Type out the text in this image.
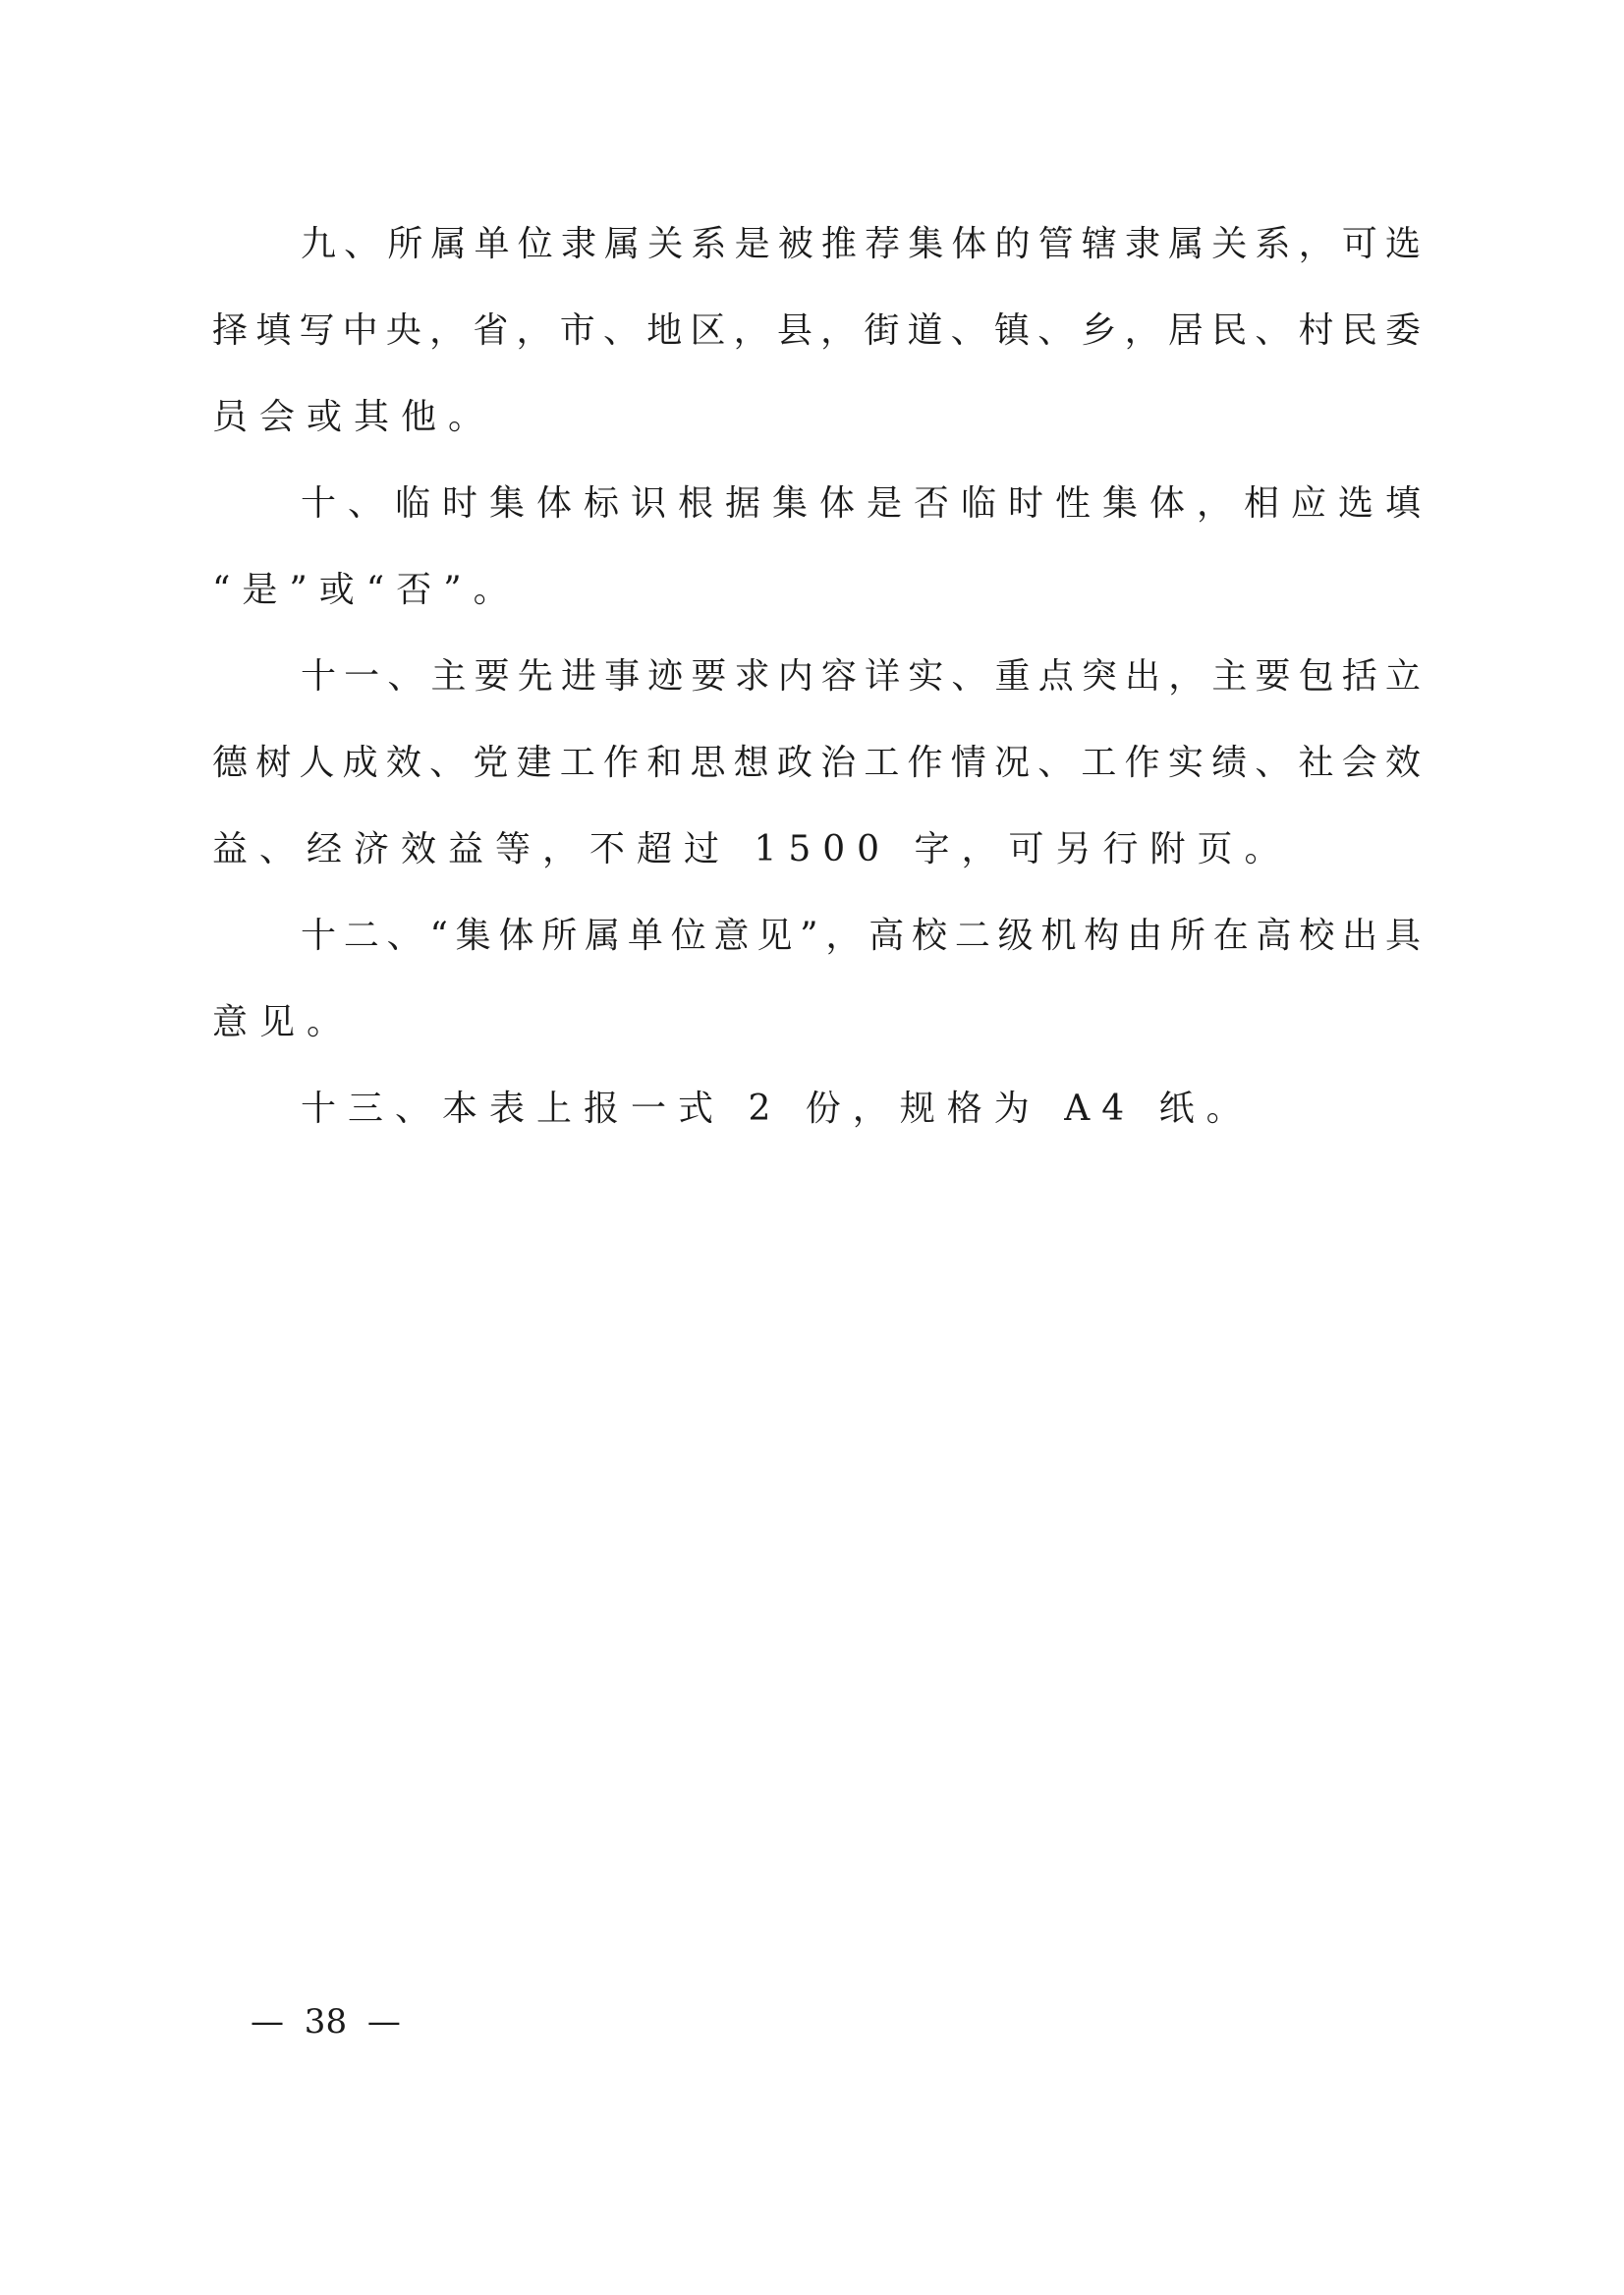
九、所属单位隶属关系是被推荐集体的管辖隶属关系，可选
择填写中央，省，市、地区，县，街道、镇、乡，居民、村民委
员会或其他。
十、临时集体标识根据集体是否临时性集体，相应选填
“是”或“否”。
十一、主要先进事迹要求内容详实、重点突出，主要包括立
德树人成效、党建工作和思想政治工作情况、工作实绩、社会效
益、经济效益等，不超过 1500 字，可另行附页。
十二、“集体所属单位意见”，高校二级机构由所在高校出具
意见。
十三、本表上报一式 2 份，规格为 A4 纸。
— 38 —
